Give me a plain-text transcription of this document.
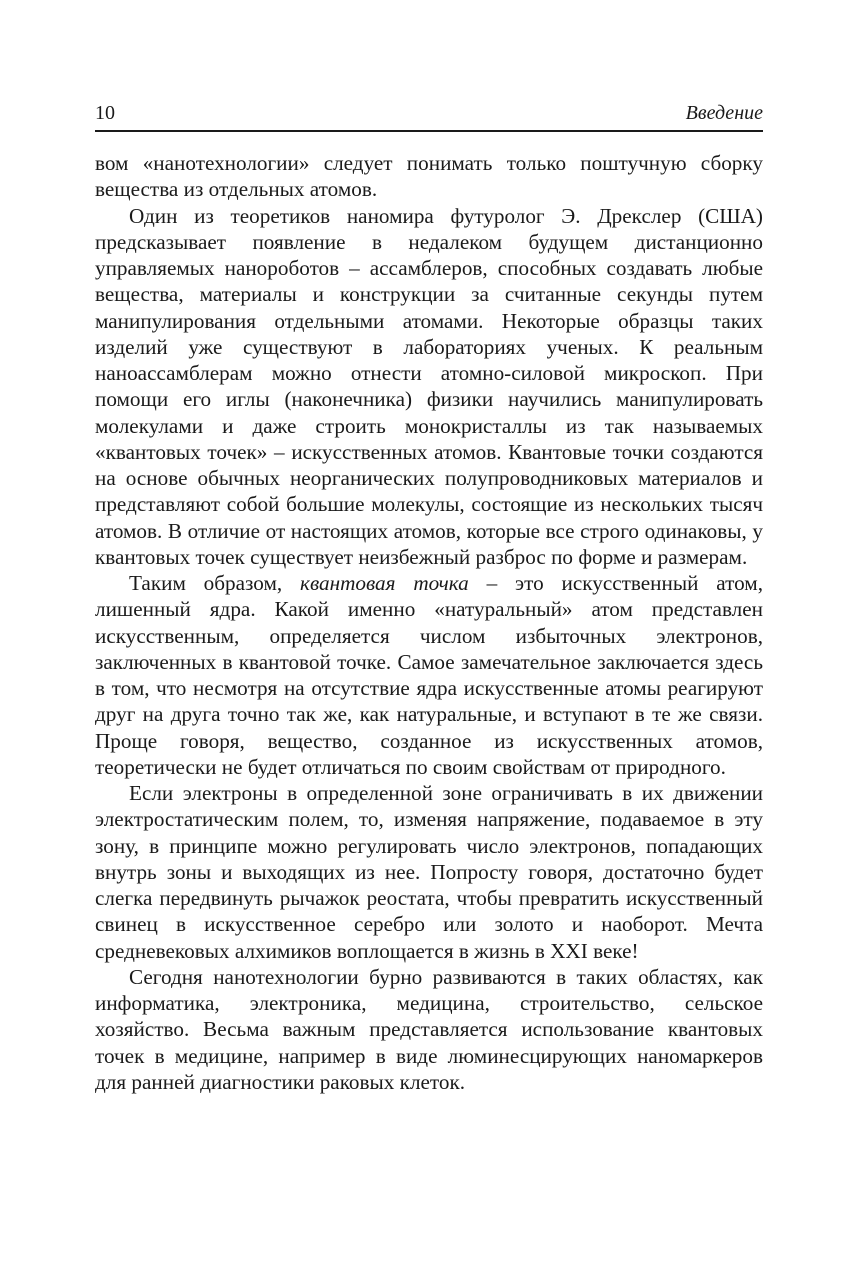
10	Введение

вом «нанотехнологии» следует понимать только поштучную сборку вещества из отдельных атомов.

Один из теоретиков наномира футуролог Э. Дрекслер (США) предсказывает появление в недалеком будущем дистанционно управляемых нанороботов – ассамблеров, способных создавать любые вещества, материалы и конструкции за считанные секунды путем манипулирования отдельными атомами. Некоторые образцы таких изделий уже существуют в лабораториях ученых. К реальным наноассамблерам можно отнести атомно-силовой микроскоп. При помощи его иглы (наконечника) физики научились манипулировать молекулами и даже строить монокристаллы из так называемых «квантовых точек» – искусственных атомов. Квантовые точки создаются на основе обычных неорганических полупроводниковых материалов и представляют собой большие молекулы, состоящие из нескольких тысяч атомов. В отличие от настоящих атомов, которые все строго одинаковы, у квантовых точек существует неизбежный разброс по форме и размерам.

Таким образом, квантовая точка – это искусственный атом, лишенный ядра. Какой именно «натуральный» атом представлен искусственным, определяется числом избыточных электронов, заключенных в квантовой точке. Самое замечательное заключается здесь в том, что несмотря на отсутствие ядра искусственные атомы реагируют друг на друга точно так же, как натуральные, и вступают в те же связи. Проще говоря, вещество, созданное из искусственных атомов, теоретически не будет отличаться по своим свойствам от природного.

Если электроны в определенной зоне ограничивать в их движении электростатическим полем, то, изменяя напряжение, подаваемое в эту зону, в принципе можно регулировать число электронов, попадающих внутрь зоны и выходящих из нее. Попросту говоря, достаточно будет слегка передвинуть рычажок реостата, чтобы превратить искусственный свинец в искусственное серебро или золото и наоборот. Мечта средневековых алхимиков воплощается в жизнь в XXI веке!

Сегодня нанотехнологии бурно развиваются в таких областях, как информатика, электроника, медицина, строительство, сельское хозяйство. Весьма важным представляется использование квантовых точек в медицине, например в виде люминесцирующих наномаркеров для ранней диагностики раковых клеток.
